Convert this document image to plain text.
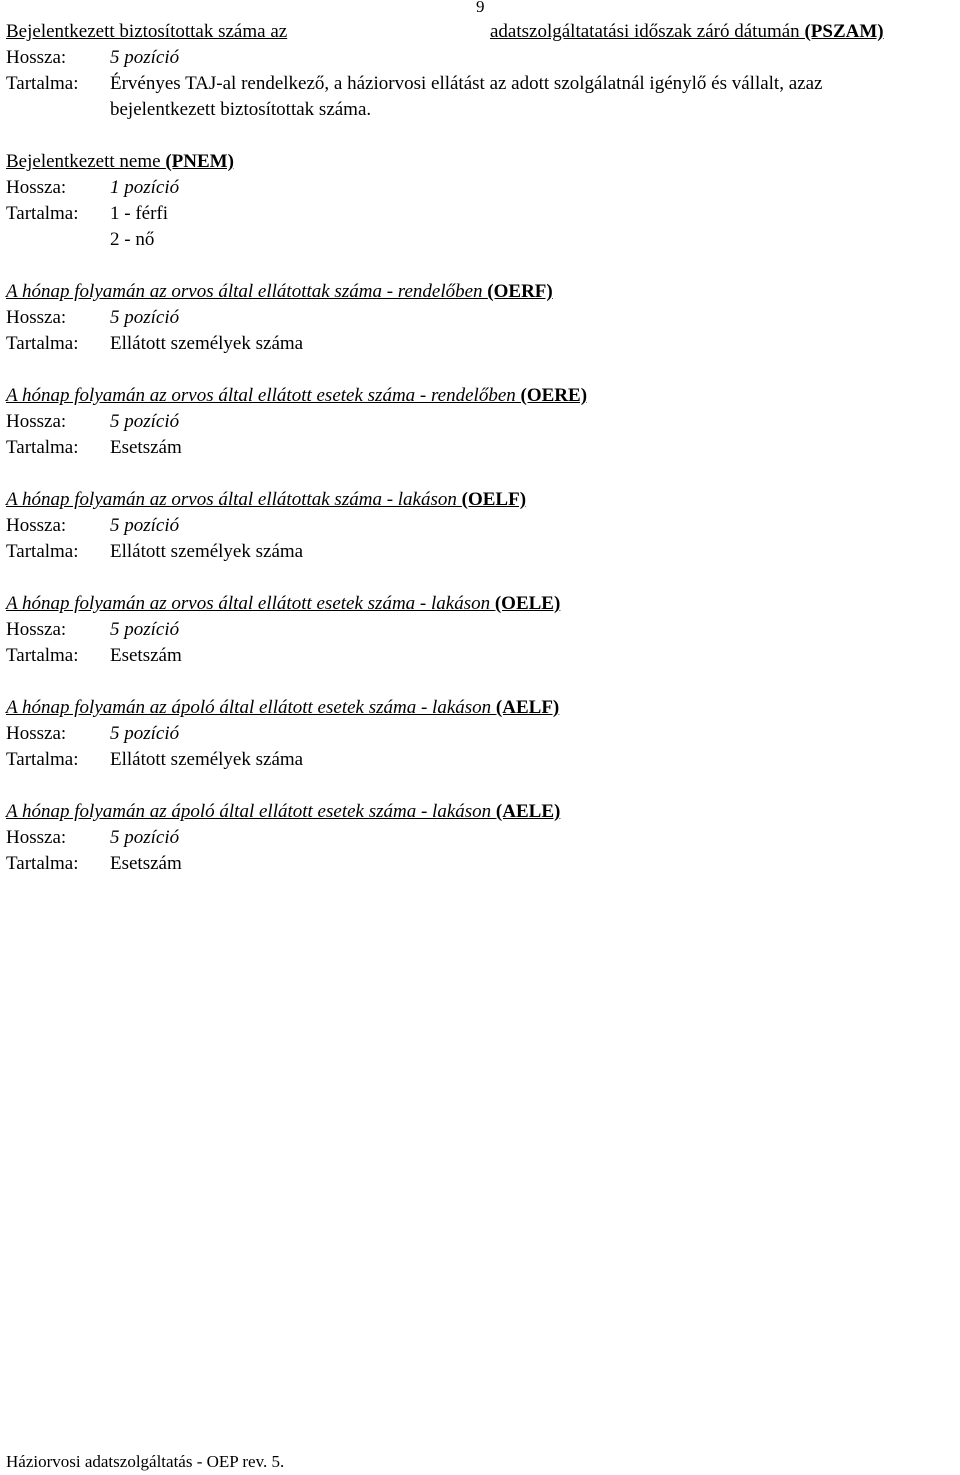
9
Bejelentkezett biztosítottak száma az	adatszolgáltatatási időszak záró dátumán (PSZAM)
Hossza: 5 pozíció
Tartalma: Érvényes TAJ-al rendelkező, a háziorvosi ellátást az adott szolgálatnál igénylő és vállalt, azaz
bejelentkezett biztosítottak száma.
Bejelentkezett neme (PNEM)
Hossza: 1 pozíció
Tartalma: 1 - férfi
2 - nő
A hónap folyamán az orvos által ellátottak száma - rendelőben (OERF)
Hossza: 5 pozíció
Tartalma: Ellátott személyek száma
A hónap folyamán az orvos által ellátott esetek száma - rendelőben (OERE)
Hossza: 5 pozíció
Tartalma: Esetszám
A hónap folyamán az orvos által ellátottak száma - lakáson (OELF)
Hossza: 5 pozíció
Tartalma: Ellátott személyek száma
A hónap folyamán az orvos által ellátott esetek száma - lakáson (OELE)
Hossza: 5 pozíció
Tartalma: Esetszám
A hónap folyamán az ápoló által ellátott esetek száma - lakáson (AELF)
Hossza: 5 pozíció
Tartalma: Ellátott személyek száma
A hónap folyamán az ápoló által ellátott esetek száma - lakáson (AELE)
Hossza: 5 pozíció
Tartalma: Esetszám
Háziorvosi adatszolgáltatás - OEP rev. 5.
